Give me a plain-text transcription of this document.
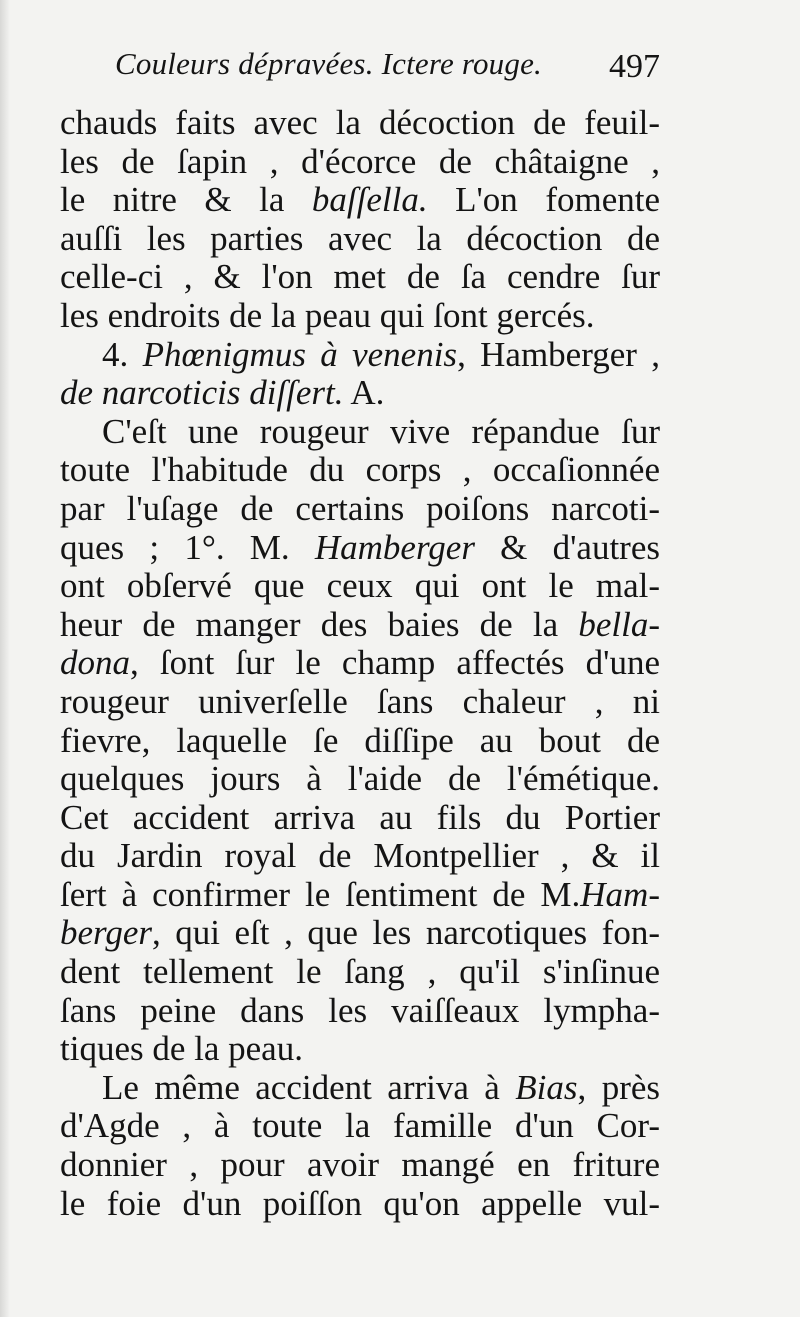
Couleurs dépravées. Ictere rouge. 497
chauds faits avec la décoction de feuil-
les de ſapin , d'écorce de châtaigne ,
le nitre & la baſſella. L'on fomente
auſſi les parties avec la décoction de
celle-ci , & l'on met de ſa cendre ſur
les endroits de la peau qui ſont gercés.
4. Phœnigmus à venenis, Hamberger ,
de narcoticis diſſert. A.
C'eſt une rougeur vive répandue ſur
toute l'habitude du corps , occaſionnée
par l'uſage de certains poiſons narcoti-
ques ; 1°. M. Hamberger & d'autres
ont obſervé que ceux qui ont le mal-
heur de manger des baies de la bella-
dona, ſont ſur le champ affectés d'une
rougeur univerſelle ſans chaleur , ni
fievre, laquelle ſe diſſipe au bout de
quelques jours à l'aide de l'émétique.
Cet accident arriva au fils du Portier
du Jardin royal de Montpellier , & il
ſert à confirmer le ſentiment de M.Ham-
berger, qui eſt , que les narcotiques fon-
dent tellement le ſang , qu'il s'inſinue
ſans peine dans les vaiſſeaux lympha-
tiques de la peau.
Le même accident arriva à Bias, près
d'Agde , à toute la famille d'un Cor-
donnier , pour avoir mangé en friture
le foie d'un poiſſon qu'on appelle vul-
